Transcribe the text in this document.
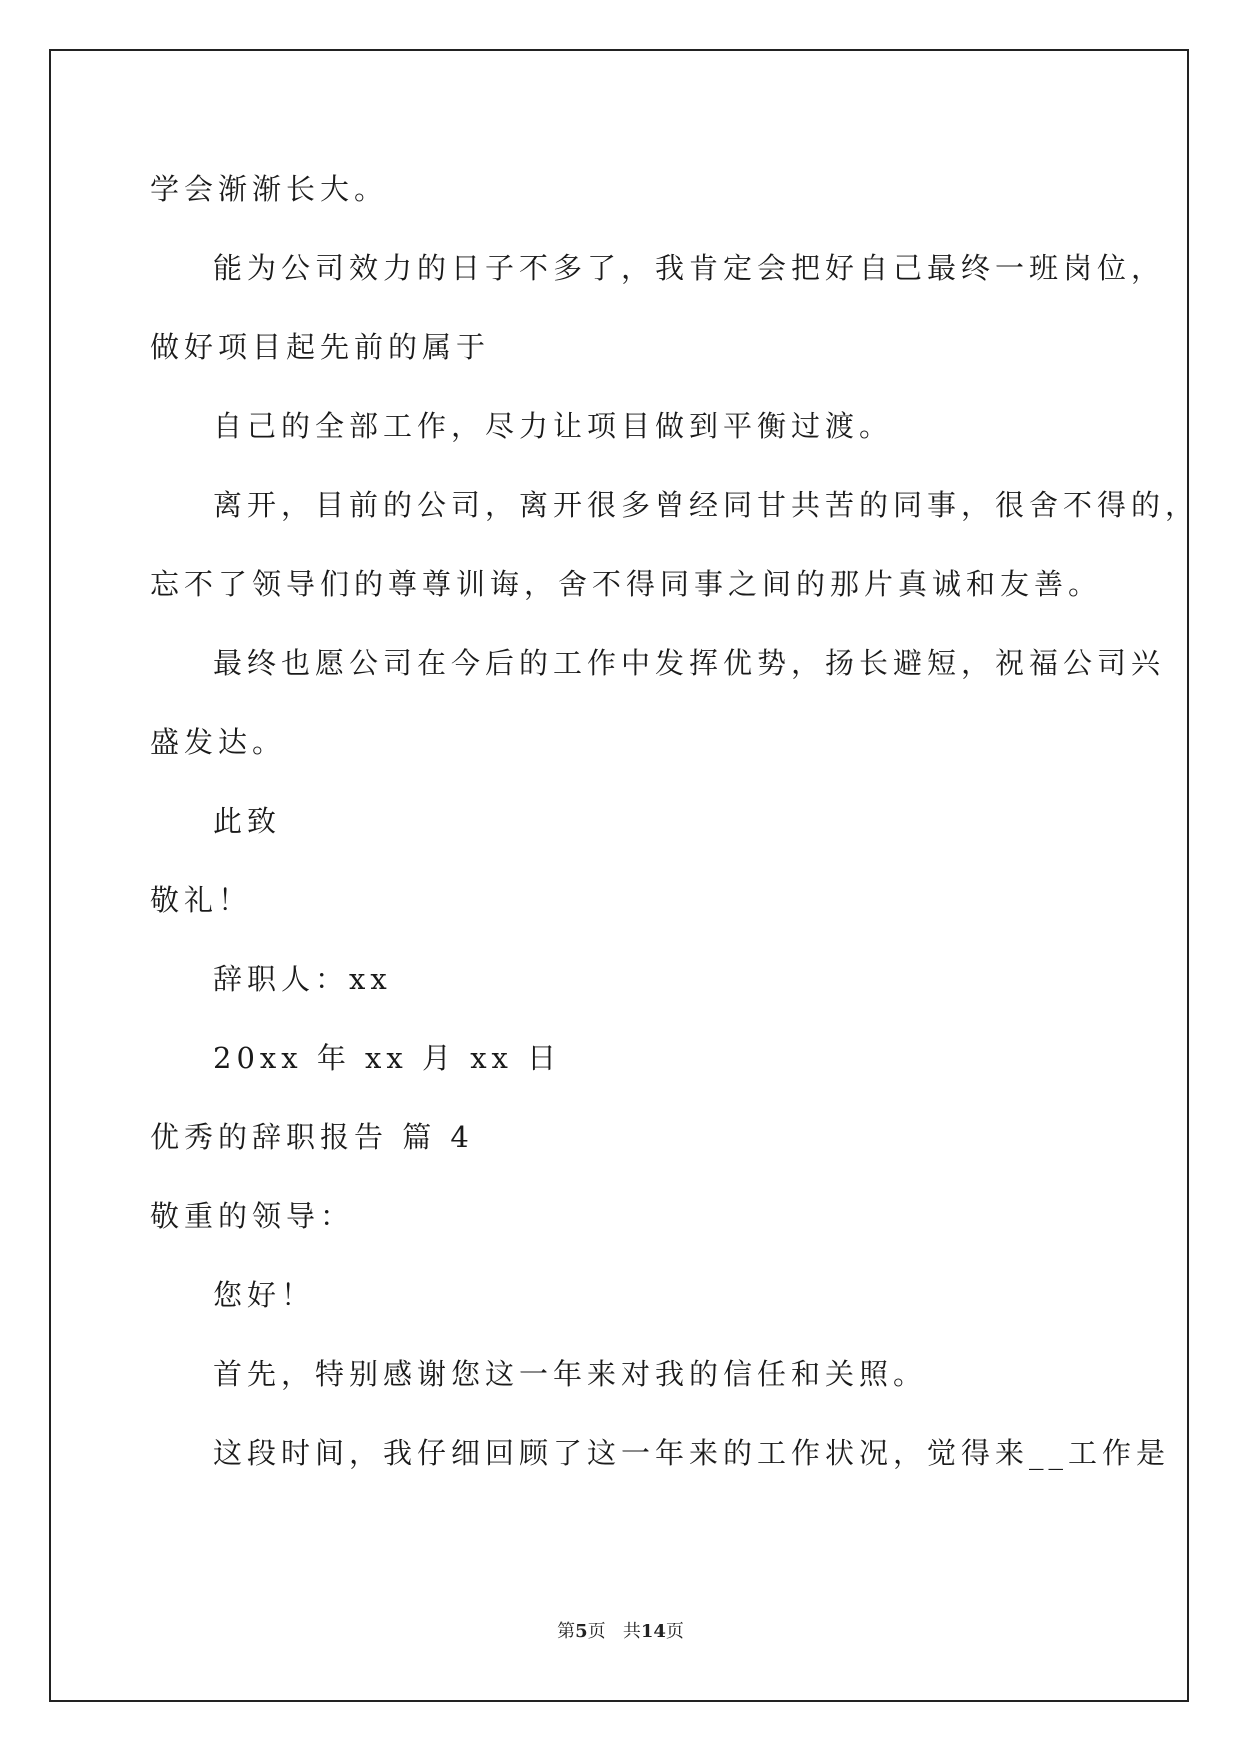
学会渐渐长大。

能为公司效力的日子不多了，我肯定会把好自己最终一班岗位，

做好项目起先前的属于

自己的全部工作，尽力让项目做到平衡过渡。

离开，目前的公司，离开很多曾经同甘共苦的同事，很舍不得的，

忘不了领导们的尊尊训诲，舍不得同事之间的那片真诚和友善。

最终也愿公司在今后的工作中发挥优势，扬长避短，祝福公司兴

盛发达。

此致

敬礼！

辞职人：xx

20xx 年 xx 月 xx 日

优秀的辞职报告 篇 4

敬重的领导：

您好！

首先，特别感谢您这一年来对我的信任和关照。

这段时间，我仔细回顾了这一年来的工作状况，觉得来__工作是

第5页 共14页
